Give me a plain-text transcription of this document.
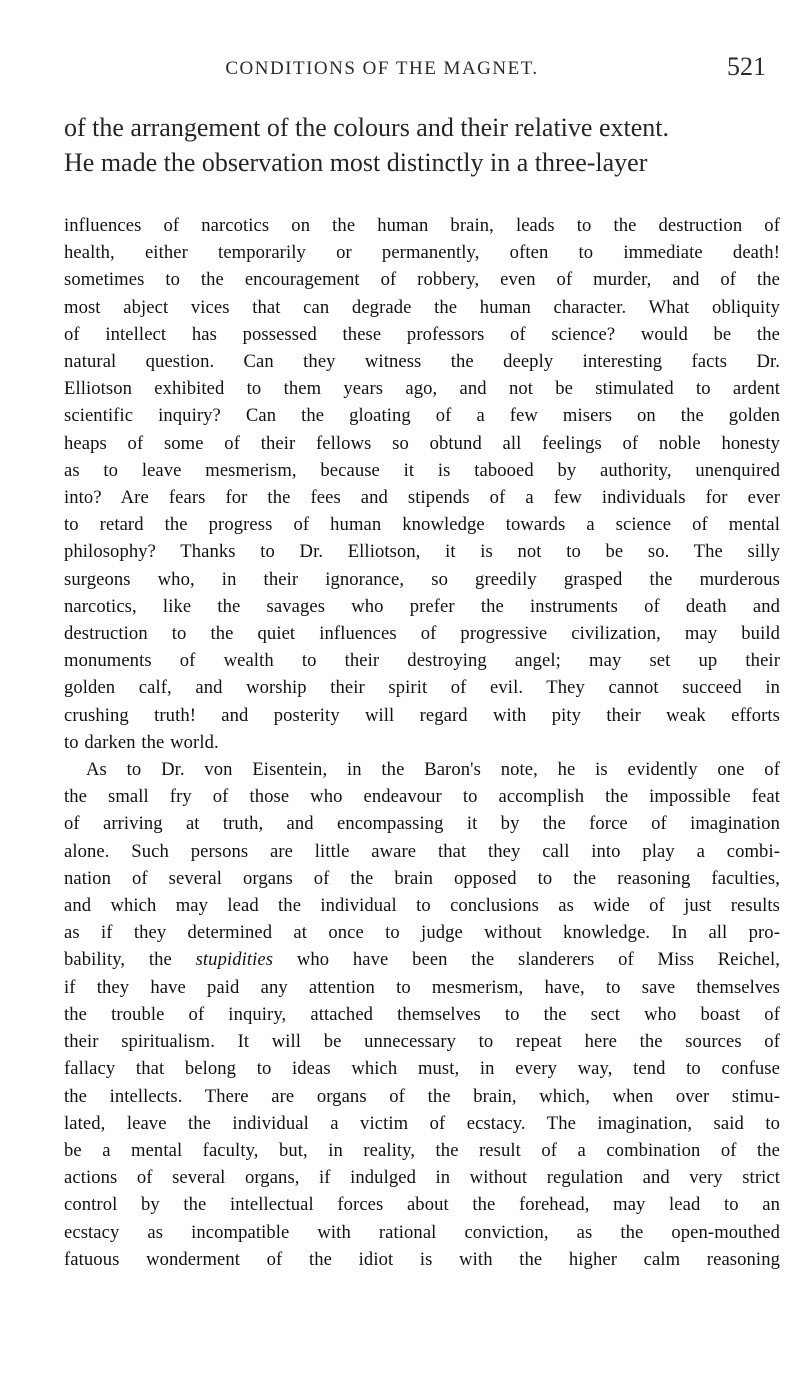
CONDITIONS OF THE MAGNET.	521
of the arrangement of the colours and their relative extent.
He made the observation most distinctly in a three-layer
influences of narcotics on the human brain, leads to the destruction of
health, either temporarily or permanently, often to immediate death!
sometimes to the encouragement of robbery, even of murder, and of the
most abject vices that can degrade the human character. What obliquity
of intellect has possessed these professors of science? would be the
natural question. Can they witness the deeply interesting facts Dr.
Elliotson exhibited to them years ago, and not be stimulated to ardent
scientific inquiry? Can the gloating of a few misers on the golden
heaps of some of their fellows so obtund all feelings of noble honesty
as to leave mesmerism, because it is tabooed by authority, unenquired
into? Are fears for the fees and stipends of a few individuals for ever
to retard the progress of human knowledge towards a science of mental
philosophy? Thanks to Dr. Elliotson, it is not to be so. The silly
surgeons who, in their ignorance, so greedily grasped the murderous
narcotics, like the savages who prefer the instruments of death and
destruction to the quiet influences of progressive civilization, may build
monuments of wealth to their destroying angel; may set up their
golden calf, and worship their spirit of evil. They cannot succeed in
crushing truth! and posterity will regard with pity their weak efforts
to darken the world.
As to Dr. von Eisentein, in the Baron's note, he is evidently one of
the small fry of those who endeavour to accomplish the impossible feat
of arriving at truth, and encompassing it by the force of imagination
alone. Such persons are little aware that they call into play a combi-
nation of several organs of the brain opposed to the reasoning faculties,
and which may lead the individual to conclusions as wide of just results
as if they determined at once to judge without knowledge. In all pro-
bability, the stupidities who have been the slanderers of Miss Reichel,
if they have paid any attention to mesmerism, have, to save themselves
the trouble of inquiry, attached themselves to the sect who boast of
their spiritualism. It will be unnecessary to repeat here the sources of
fallacy that belong to ideas which must, in every way, tend to confuse
the intellects. There are organs of the brain, which, when over stimu-
lated, leave the individual a victim of ecstacy. The imagination, said to
be a mental faculty, but, in reality, the result of a combination of the
actions of several organs, if indulged in without regulation and very strict
control by the intellectual forces about the forehead, may lead to an
ecstacy as incompatible with rational conviction, as the open-mouthed
fatuous wonderment of the idiot is with the higher calm reasoning
